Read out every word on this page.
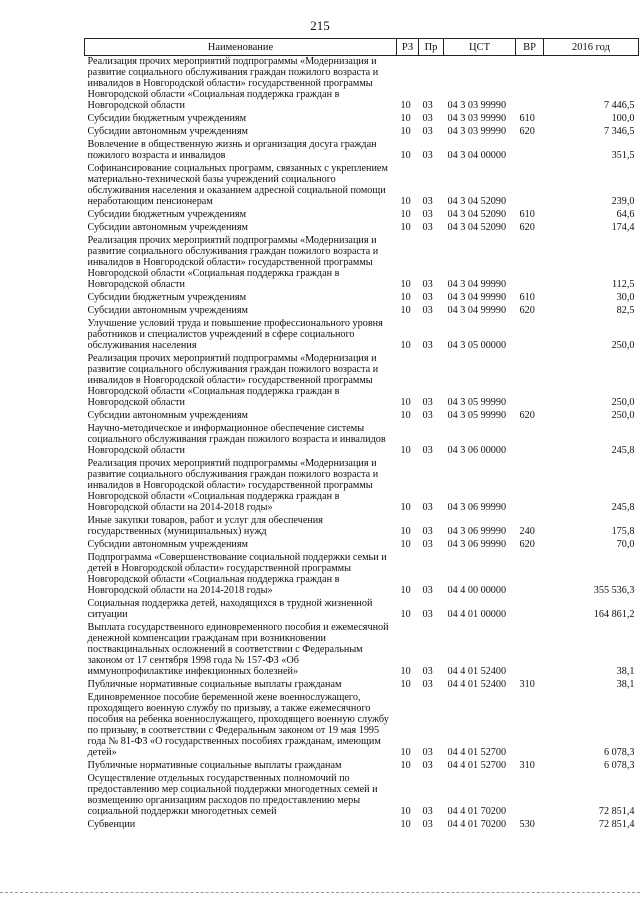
215
Наименование	РЗ	Пр	ЦСТ	ВР	2016 год
Реализация прочих мероприятий подпрограммы «Модернизация и развитие социального обслуживания граждан пожилого возраста и инвалидов в Новгородской области» государственной программы Новгородской области «Социальная поддержка граждан в Новгородской области	10	03	04 3 03 99990		7 446,5
Субсидии бюджетным учреждениям	10	03	04 3 03 99990	610	100,0
Субсидии автономным учреждениям	10	03	04 3 03 99990	620	7 346,5
Вовлечение в общественную жизнь и организация досуга граждан пожилого возраста и инвалидов	10	03	04 3 04 00000		351,5
Софинансирование социальных программ, связанных с укреплением материально-технической базы учреждений социального обслуживания населения и оказанием адресной социальной помощи неработающим пенсионерам	10	03	04 3 04 52090		239,0
Субсидии бюджетным учреждениям	10	03	04 3 04 52090	610	64,6
Субсидии автономным учреждениям	10	03	04 3 04 52090	620	174,4
Реализация прочих мероприятий подпрограммы «Модернизация и развитие социального обслуживания граждан пожилого возраста и инвалидов в Новгородской области» государственной программы Новгородской области «Социальная поддержка граждан в Новгородской области	10	03	04 3 04 99990		112,5
Субсидии бюджетным учреждениям	10	03	04 3 04 99990	610	30,0
Субсидии автономным учреждениям	10	03	04 3 04 99990	620	82,5
Улучшение условий труда и повышение профессионального уровня работников и специалистов учреждений в сфере социального обслуживания населения	10	03	04 3 05 00000		250,0
Реализация прочих мероприятий подпрограммы «Модернизация и развитие социального обслуживания граждан пожилого возраста и инвалидов в Новгородской области» государственной программы Новгородской области «Социальная поддержка граждан в Новгородской области	10	03	04 3 05 99990		250,0
Субсидии автономным учреждениям	10	03	04 3 05 99990	620	250,0
Научно-методическое и информационное обеспечение системы социального обслуживания граждан пожилого возраста и инвалидов Новгородской области	10	03	04 3 06 00000		245,8
Реализация прочих мероприятий подпрограммы «Модернизация и развитие социального обслуживания граждан пожилого возраста и инвалидов в Новгородской области» государственной программы Новгородской области «Социальная поддержка граждан в Новгородской области на 2014-2018 годы»	10	03	04 3 06 99990		245,8
Иные закупки товаров, работ и услуг для обеспечения государственных (муниципальных) нужд	10	03	04 3 06 99990	240	175,8
Субсидии автономным учреждениям	10	03	04 3 06 99990	620	70,0
Подпрограмма «Совершенствование социальной поддержки семьи и детей в Новгородской области» государственной программы Новгородской области «Социальная поддержка граждан в Новгородской области на 2014-2018 годы»	10	03	04 4 00 00000		355 536,3
Социальная поддержка детей, находящихся в трудной жизненной ситуации	10	03	04 4 01 00000		164 861,2
Выплата государственного единовременного пособия и ежемесячной денежной компенсации гражданам при возникновении поствакцинальных осложнений в соответствии с Федеральным законом от 17 сентября 1998 года № 157-ФЗ «Об иммунопрофилактике инфекционных болезней»	10	03	04 4 01 52400		38,1
Публичные нормативные социальные выплаты гражданам	10	03	04 4 01 52400	310	38,1
Единовременное пособие беременной жене военнослужащего, проходящего военную службу по призыву, а также ежемесячного пособия на ребенка военнослужащего, проходящего военную службу по призыву, в соответствии с Федеральным законом от 19 мая 1995 года № 81-ФЗ «О государственных пособиях гражданам, имеющим детей»	10	03	04 4 01 52700		6 078,3
Публичные нормативные социальные выплаты гражданам	10	03	04 4 01 52700	310	6 078,3
Осуществление отдельных государственных полномочий по предоставлению мер социальной поддержки многодетных семей и возмещению организациям расходов по предоставлению меры социальной поддержки многодетных семей	10	03	04 4 01 70200		72 851,4
Субвенции	10	03	04 4 01 70200	530	72 851,4
